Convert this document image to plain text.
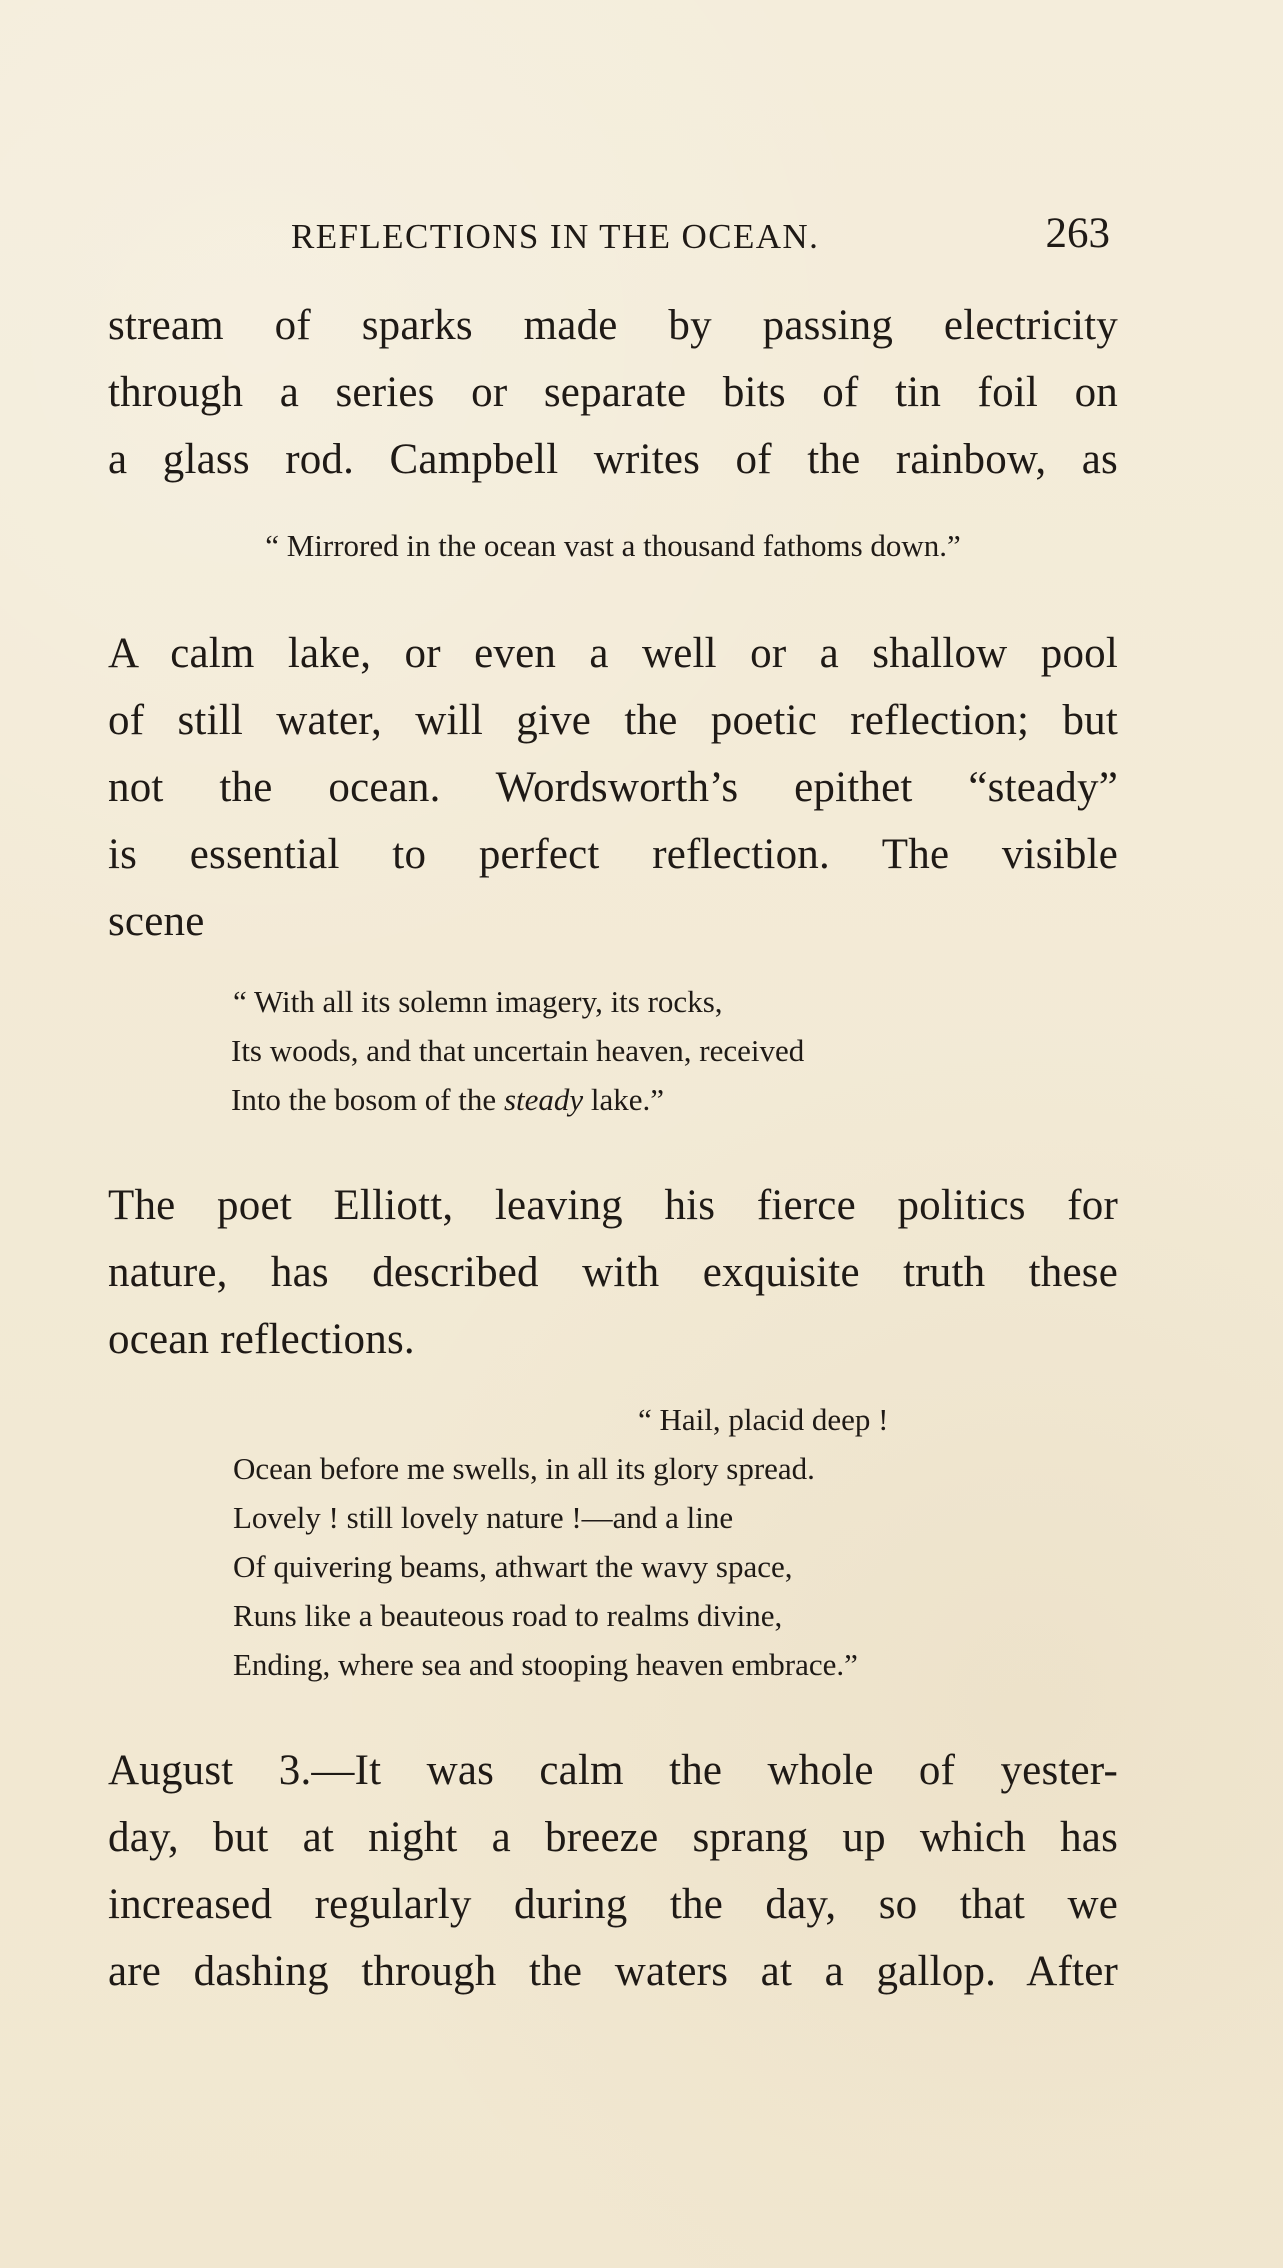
REFLECTIONS IN THE OCEAN.	263
stream of sparks made by passing electricity
through a series or separate bits of tin foil on
a glass rod. Campbell writes of the rainbow, as
“ Mirrored in the ocean vast a thousand fathoms down.”
A calm lake, or even a well or a shallow pool
of still water, will give the poetic reflection; but
not the ocean. Wordsworth’s epithet “steady”
is essential to perfect reflection. The visible
scene
“ With all its solemn imagery, its rocks,
Its woods, and that uncertain heaven, received
Into the bosom of the steady lake.”
The poet Elliott, leaving his fierce politics for
nature, has described with exquisite truth these
ocean reflections.
“ Hail, placid deep !
Ocean before me swells, in all its glory spread.
Lovely ! still lovely nature !—and a line
Of quivering beams, athwart the wavy space,
Runs like a beauteous road to realms divine,
Ending, where sea and stooping heaven embrace.”
August 3.—It was calm the whole of yester-
day, but at night a breeze sprang up which has
increased regularly during the day, so that we
are dashing through the waters at a gallop. After
